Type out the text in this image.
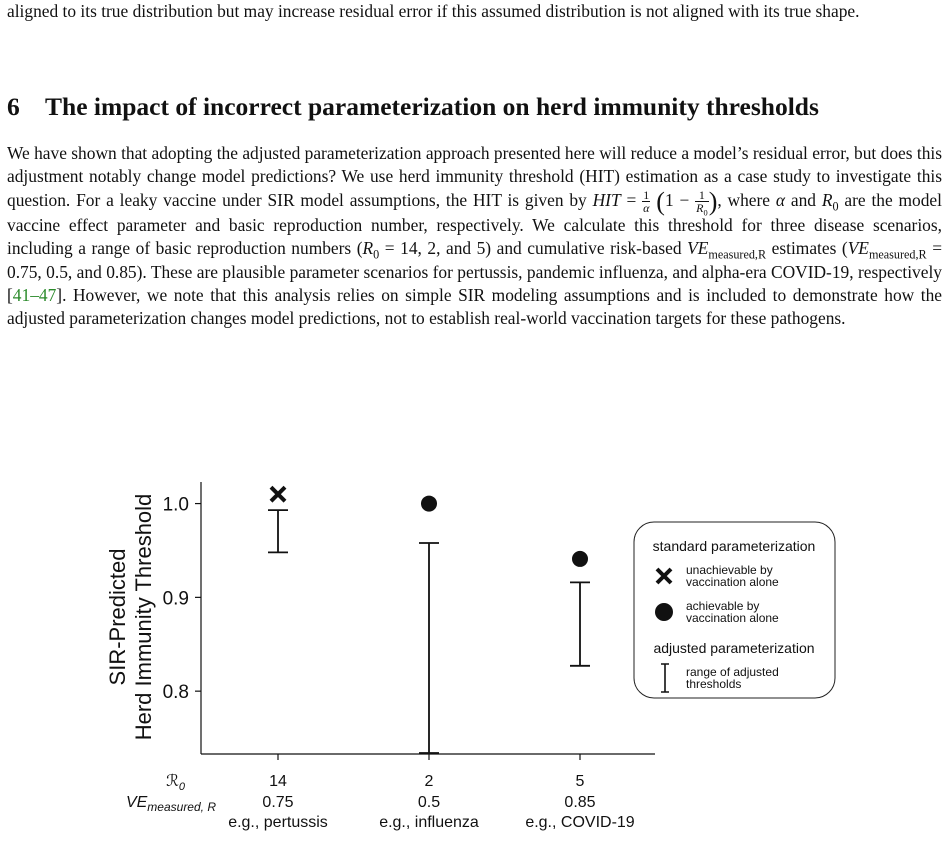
aligned to its true distribution but may increase residual error if this assumed distribution is not aligned with its true shape.
6 The impact of incorrect parameterization on herd immunity thresholds
We have shown that adopting the adjusted parameterization approach presented here will reduce a model’s residual error, but does this adjustment notably change model predictions? We use herd immunity threshold (HIT) estimation as a case study to investigate this question. For a leaky vaccine under SIR model assumptions, the HIT is given by HIT = $\frac{1}{\alpha} (1 - \frac{1}{R_0}$ ), where α and $R_0$ are the model vaccine effect parameter and basic reproduction number, respectively. We calculate this threshold for three disease scenarios, including a range of basic reproduction numbers ($R_0 = 14$, 2, and 5) and cumulative risk-based $VE_{measured,R}$ estimates ($VE_{measured,R} = 0.75$, 0.5, and 0.85). These are plausible parameter scenarios for pertussis, pandemic influenza, and alpha-era COVID-19, respectively [41–47]. However, we note that this analysis relies on simple SIR modeling assumptions and is included to demonstrate how the adjusted parameterization changes model predictions, not to establish real-world vaccination targets for these pathogens.
SIR-Predicted Herd Immunity Threshold 1.0
0.9
0.8
14
0.75
e.g., pertussis
2
0.5
e.g., influenza
5
0.85
e.g., COVID-19
ℛ$_0$
$VE_{measured, R}$
standard parameterization
unachievable by vaccination alone
achievable by vaccination alone
adjusted parameterization
range of adjusted thresholds
